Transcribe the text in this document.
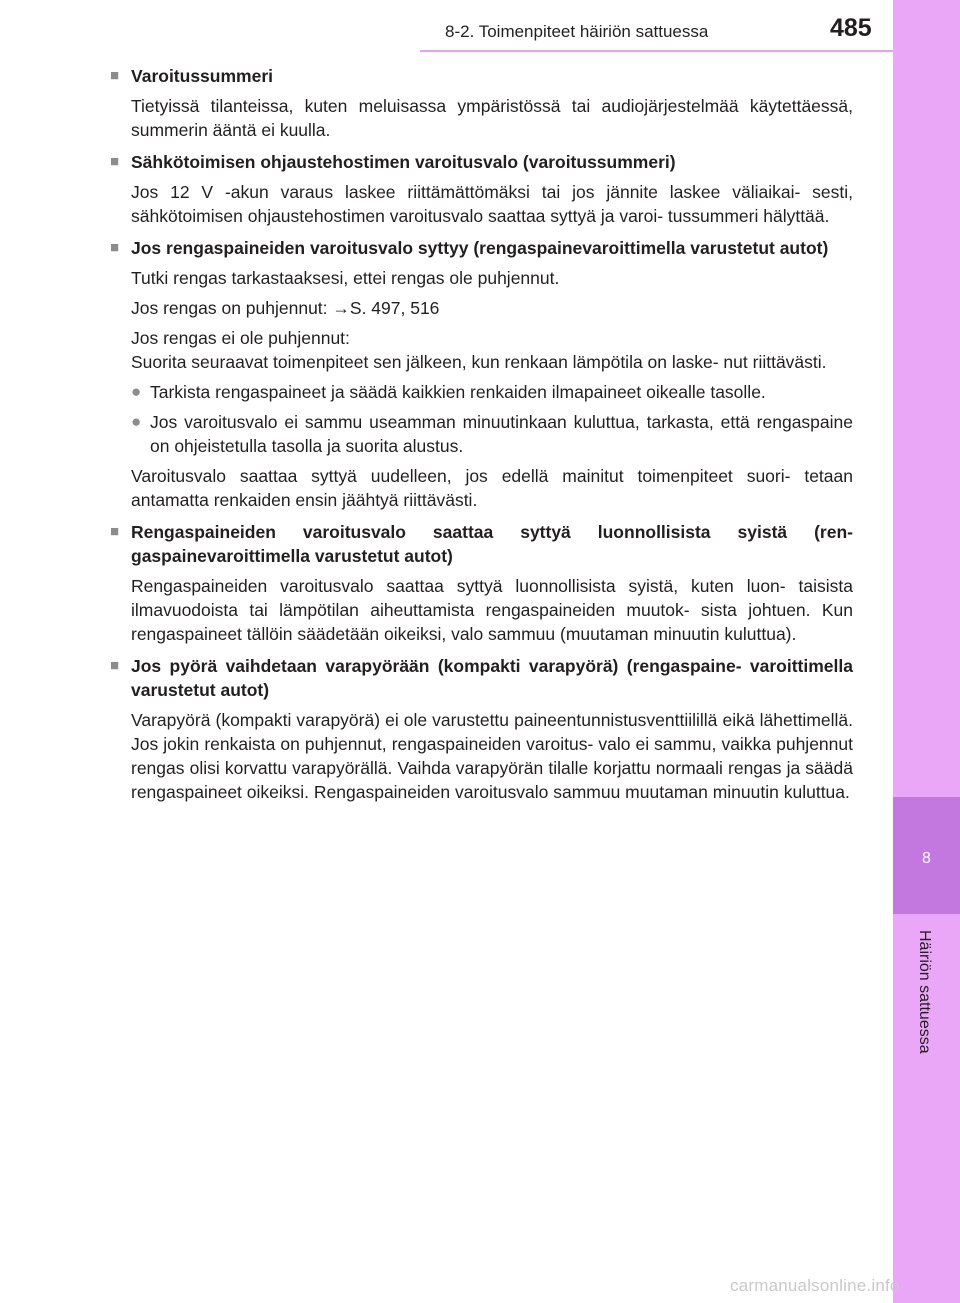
8-2. Toimenpiteet häiriön sattuessa	485
8
Häiriön sattuessa
■ Varoitussummeri

Tietyissä tilanteissa, kuten meluisassa ympäristössä tai audiojärjestelmää käytettäessä, summerin ääntä ei kuulla.

■ Sähkötoimisen ohjaustehostimen varoitusvalo (varoitussummeri)

Jos 12 V -akun varaus laskee riittämättömäksi tai jos jännite laskee väliaikai- sesti, sähkötoimisen ohjaustehostimen varoitusvalo saattaa syttyä ja varoi- tussummeri hälyttää.

■ Jos rengaspaineiden varoitusvalo syttyy (rengaspainevaroittimella varustetut autot)

Tutki rengas tarkastaaksesi, ettei rengas ole puhjennut.

Jos rengas on puhjennut: →S. 497, 516

Jos rengas ei ole puhjennut:

Suorita seuraavat toimenpiteet sen jälkeen, kun renkaan lämpötila on laske- nut riittävästi.

● Tarkista rengaspaineet ja säädä kaikkien renkaiden ilmapaineet oikealle tasolle.
● Jos varoitusvalo ei sammu useamman minuutinkaan kuluttua, tarkasta, että rengaspaine on ohjeistetulla tasolla ja suorita alustus.

Varoitusvalo saattaa syttyä uudelleen, jos edellä mainitut toimenpiteet suori- tetaan antamatta renkaiden ensin jäähtyä riittävästi.

■ Rengaspaineiden varoitusvalo saattaa syttyä luonnollisista syistä (ren- gaspainevaroittimella varustetut autot)

Rengaspaineiden varoitusvalo saattaa syttyä luonnollisista syistä, kuten luon- taisista ilmavuodoista tai lämpötilan aiheuttamista rengaspaineiden muutok- sista johtuen. Kun rengaspaineet tällöin säädetään oikeiksi, valo sammuu (muutaman minuutin kuluttua).

■ Jos pyörä vaihdetaan varapyörään (kompakti varapyörä) (rengaspaine- varoittimella varustetut autot)

Varapyörä (kompakti varapyörä) ei ole varustettu paineentunnistusventtiilillä eikä lähettimellä. Jos jokin renkaista on puhjennut, rengaspaineiden varoitus- valo ei sammu, vaikka puhjennut rengas olisi korvattu varapyörällä. Vaihda varapyörän tilalle korjattu normaali rengas ja säädä rengaspaineet oikeiksi. Rengaspaineiden varoitusvalo sammuu muutaman minuutin kuluttua.

carmanualsonline.info
